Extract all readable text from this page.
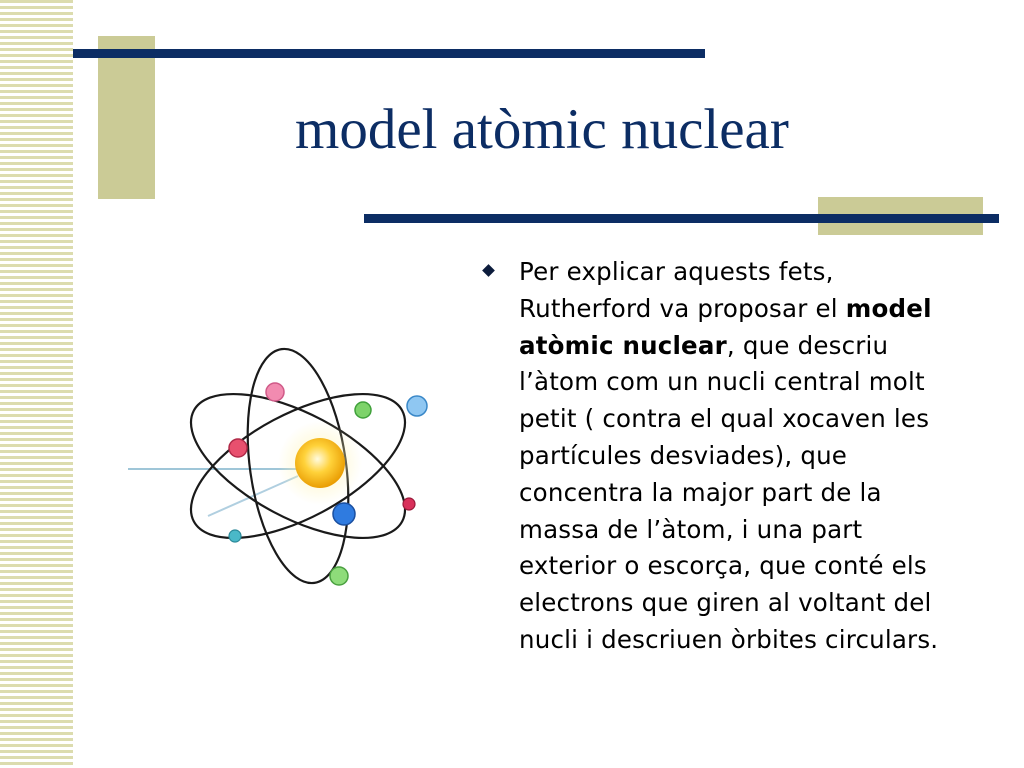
model atòmic nuclear

Per explicar aquests fets, Rutherford va proposar el model atòmic nuclear, que descriu l’àtom com un nucli central molt petit ( contra el qual xocaven les partícules desviades), que concentra la major part de la massa de l’àtom, i una part exterior o escorça, que conté els electrons que giren al voltant del nucli i descriuen òrbites circulars.
